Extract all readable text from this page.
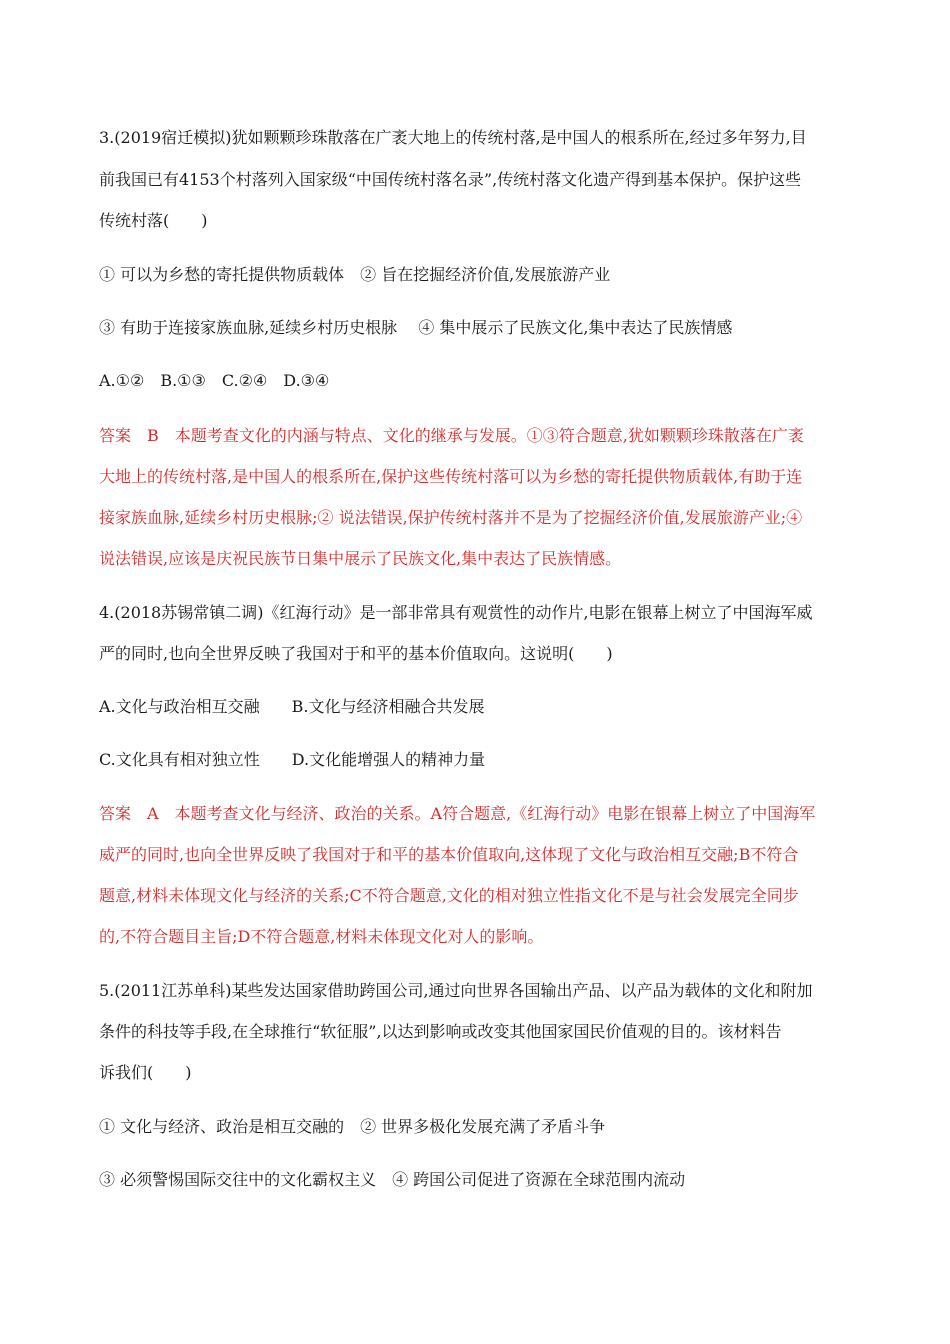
3.(2019宿迁模拟)犹如颗颗珍珠散落在广袤大地上的传统村落,是中国人的根系所在,经过多年努力,目
前我国已有4153个村落列入国家级“中国传统村落名录”,传统村落文化遗产得到基本保护。保护这些
传统村落(　　)
① 可以为乡愁的寄托提供物质载体　② 旨在挖掘经济价值,发展旅游产业
③ 有助于连接家族血脉,延续乡村历史根脉　 ④ 集中展示了民族文化,集中表达了民族情感
A.①②　B.①③　C.②④　D.③④
答案　B　本题考查文化的内涵与特点、文化的继承与发展。①③符合题意,犹如颗颗珍珠散落在广袤
大地上的传统村落,是中国人的根系所在,保护这些传统村落可以为乡愁的寄托提供物质载体,有助于连
接家族血脉,延续乡村历史根脉;② 说法错误,保护传统村落并不是为了挖掘经济价值,发展旅游产业;④
说法错误,应该是庆祝民族节日集中展示了民族文化,集中表达了民族情感。
4.(2018苏锡常镇二调)《红海行动》是一部非常具有观赏性的动作片,电影在银幕上树立了中国海军威
严的同时,也向全世界反映了我国对于和平的基本价值取向。这说明(　　)
A.文化与政治相互交融　　B.文化与经济相融合共发展
C.文化具有相对独立性　　D.文化能增强人的精神力量
答案　A　本题考查文化与经济、政治的关系。A符合题意,《红海行动》电影在银幕上树立了中国海军
威严的同时,也向全世界反映了我国对于和平的基本价值取向,这体现了文化与政治相互交融;B不符合
题意,材料未体现文化与经济的关系;C不符合题意,文化的相对独立性指文化不是与社会发展完全同步
的,不符合题目主旨;D不符合题意,材料未体现文化对人的影响。
5.(2011江苏单科)某些发达国家借助跨国公司,通过向世界各国输出产品、以产品为载体的文化和附加
条件的科技等手段,在全球推行“软征服”,以达到影响或改变其他国家国民价值观的目的。该材料告
诉我们(　　)
① 文化与经济、政治是相互交融的　② 世界多极化发展充满了矛盾斗争
③ 必须警惕国际交往中的文化霸权主义　④ 跨国公司促进了资源在全球范围内流动
